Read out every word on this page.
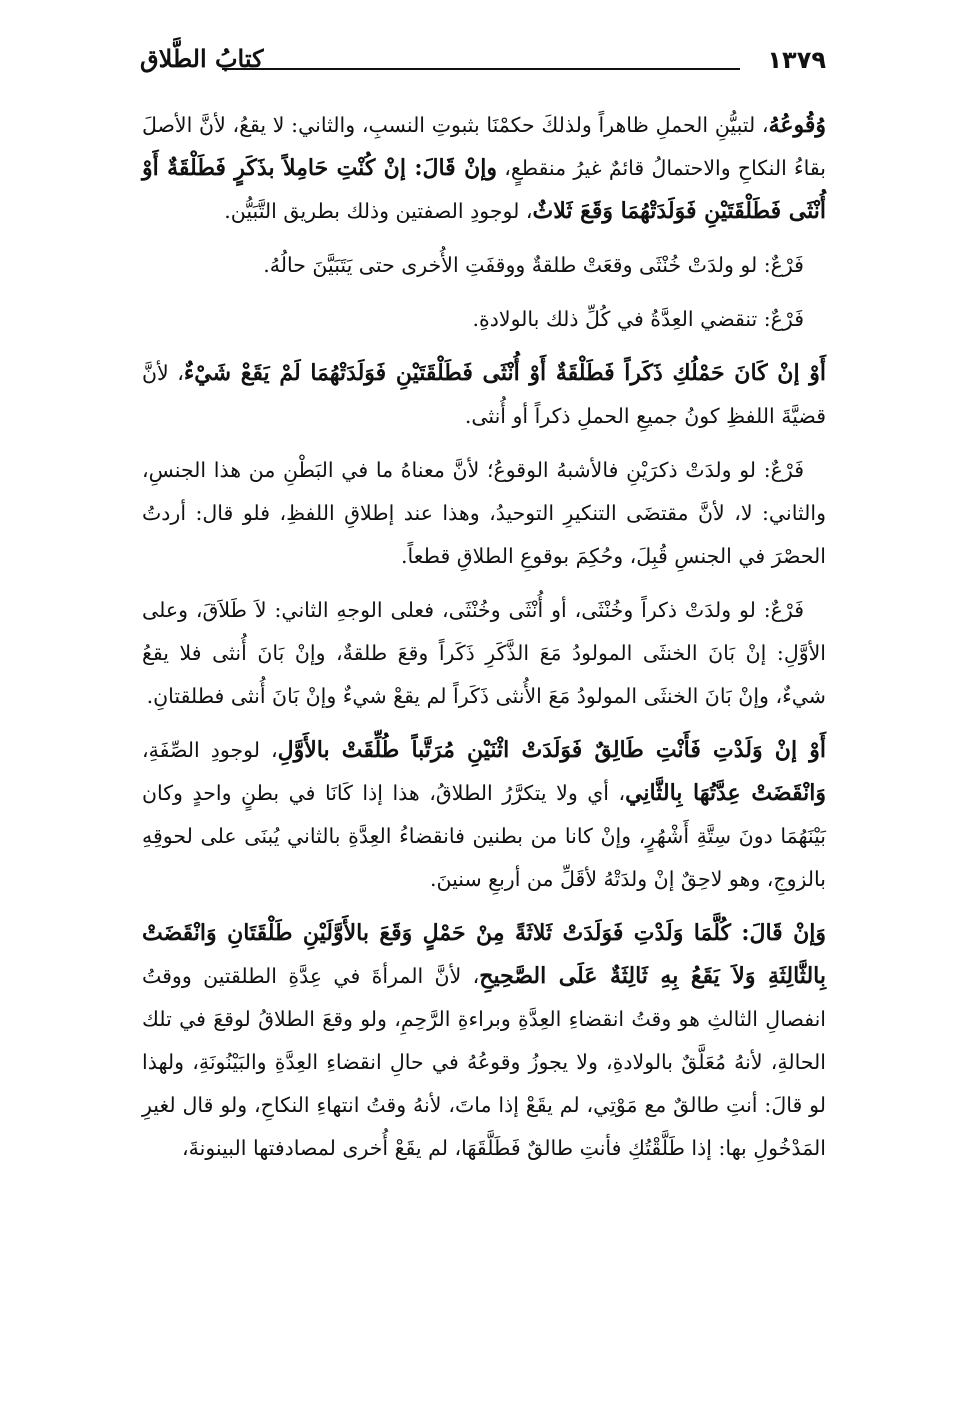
١٣٧٩
كتابُ الطَّلاق

وُقُوعُهُ، لتبيُّنِ الحملِ ظاهراً ولذلكَ حكمْنَا بثبوتِ النسبِ، والثاني: لا يقعُ، لأنَّ الأصلَ بقاءُ النكاحِ والاحتمالُ قائمٌ غيرُ منقطعٍ، وإنْ قَالَ: إنْ كُنْتِ حَامِلاً بذَكَرٍ فَطَلْقَةٌ أَوْ أُنْثَى فَطَلْقَتَيْنِ فَوَلَدَتْهُمَا وَقَعَ ثَلاثٌ، لوجودِ الصفتين وذلك بطريق التَّبَيُّن.

فَرْعٌ: لو ولدَتْ خُنْثَى وقعَتْ طلقةٌ ووقفَتِ الأُخرى حتى يَتَبَيَّنَ حالُهُ.

فَرْعٌ: تنقضي العِدَّةُ في كُلِّ ذلك بالولادةِ.

أَوْ إنْ كَانَ حَمْلُكِ ذَكَراً فَطَلْقَةٌ أَوْ أُنْثَى فَطَلْقَتَيْنِ فَوَلَدَتْهُمَا لَمْ يَقَعْ شَيْءٌ، لأنَّ قضيَّةَ اللفظِ كونُ جميعِ الحملِ ذكراً أو أُنثى.

فَرْعٌ: لو ولدَتْ ذكرَيْنِ فالأشبهُ الوقوعُ؛ لأنَّ معناهُ ما في البَطْنِ من هذا الجنسِ، والثاني: لا، لأنَّ مقتضَى التنكيرِ التوحيدُ، وهذا عند إطلاقِ اللفظِ، فلو قال: أردتُ الحصْرَ في الجنسِ قُبِلَ، وحُكِمَ بوقوعِ الطلاقِ قطعاً.

فَرْعٌ: لو ولدَتْ ذكراً وخُنْثَى، أو أُنْثَى وخُنْثَى، فعلى الوجهِ الثاني: لاَ طَلاَقَ، وعلى الأوَّلِ: إنْ بَانَ الخنثَى المولودُ مَعَ الذَّكَرِ ذَكَراً وقعَ طلقةٌ، وإنْ بَانَ أُنثى فلا يقعُ شيءٌ، وإنْ بَانَ الخنثَى المولودُ مَعَ الأُنثى ذَكَراً لم يقعْ شيءٌ وإنْ بَانَ أُنثى فطلقتانِ.

أَوْ إنْ وَلَدْتِ فَأَنْتِ طَالِقٌ فَوَلَدَتْ اثْنَيْنِ مُرَتَّباً طُلِّقَتْ بالأَوَّلِ، لوجودِ الصِّفَةِ، وَانْقَضَتْ عِدَّتُهَا بِالثَّانِي، أي ولا يتكرَّرُ الطلاقُ، هذا إذا كَانَا في بطنٍ واحدٍ وكان بَيْنَهُمَا دونَ سِتَّةِ أَشْهُرٍ، وإنْ كانا من بطنين فانقضاءُ العِدَّةِ بالثاني يُبنَى على لحوقِهِ بالزوجِ، وهو لاحِقٌ إنْ ولدَتْهُ لأقَلِّ من أربعِ سنينَ.

وَإنْ قَالَ: كُلَّمَا وَلَدْتِ فَوَلَدَتْ ثَلاثَةً مِنْ حَمْلٍ وَقَعَ بالأَوَّلَيْنِ طَلْقَتَانِ وَانْقَضَتْ بِالثَّالِثَةِ وَلاَ يَقَعُ بِهِ ثَالِثَةٌ عَلَى الصَّحِيحِ، لأنَّ المرأةَ في عِدَّةِ الطلقتين ووقتُ انفصالِ الثالثِ هو وقتُ انقضاءِ العِدَّةِ وبراءةِ الرَّحِمِ، ولو وقعَ الطلاقُ لوقعَ في تلك الحالةِ، لأنهُ مُعَلَّقٌ بالولادةِ، ولا يجوزُ وقوعُهُ في حالِ انقضاءِ العِدَّةِ والبَيْنُونَةِ، ولهذا لو قالَ: أنتِ طالقٌ مع مَوْتِي، لم يقَعْ إذا ماتَ، لأنهُ وقتُ انتهاءِ النكاحِ، ولو قال لغيرِ المَدْخُولِ بها: إذا طَلَّقْتُكِ فأنتِ طالقٌ فَطَلَّقَهَا، لم يقَعْ أُخرى لمصادفتها البينونةَ،
